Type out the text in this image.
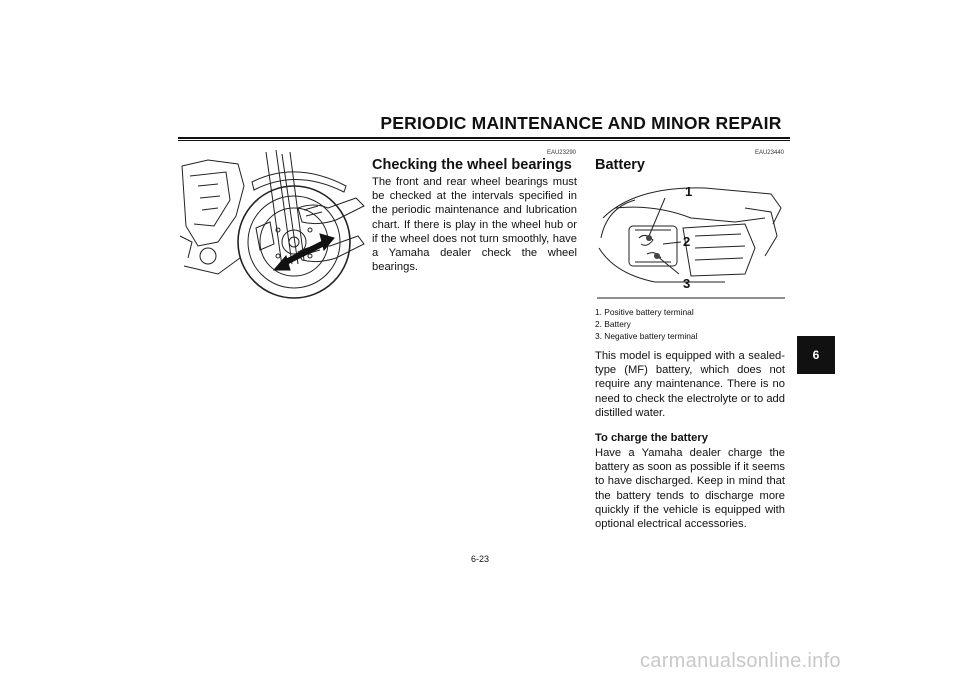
PERIODIC MAINTENANCE AND MINOR REPAIR
EAU23290
Checking the wheel bearings

The front and rear wheel bearings must be checked at the intervals specified in the periodic maintenance and lubrication chart. If there is play in the wheel hub or if the wheel does not turn smoothly, have a Yamaha dealer check the wheel bearings.

EAU23440
Battery
1
2
3
1. Positive battery terminal
2. Battery
3. Negative battery terminal

This model is equipped with a sealed-type (MF) battery, which does not require any maintenance. There is no need to check the electrolyte or to add distilled water.

To charge the battery

Have a Yamaha dealer charge the battery as soon as possible if it seems to have discharged. Keep in mind that the battery tends to discharge more quickly if the vehicle is equipped with optional electrical accessories.

6
6-23
carmanualsonline.info
